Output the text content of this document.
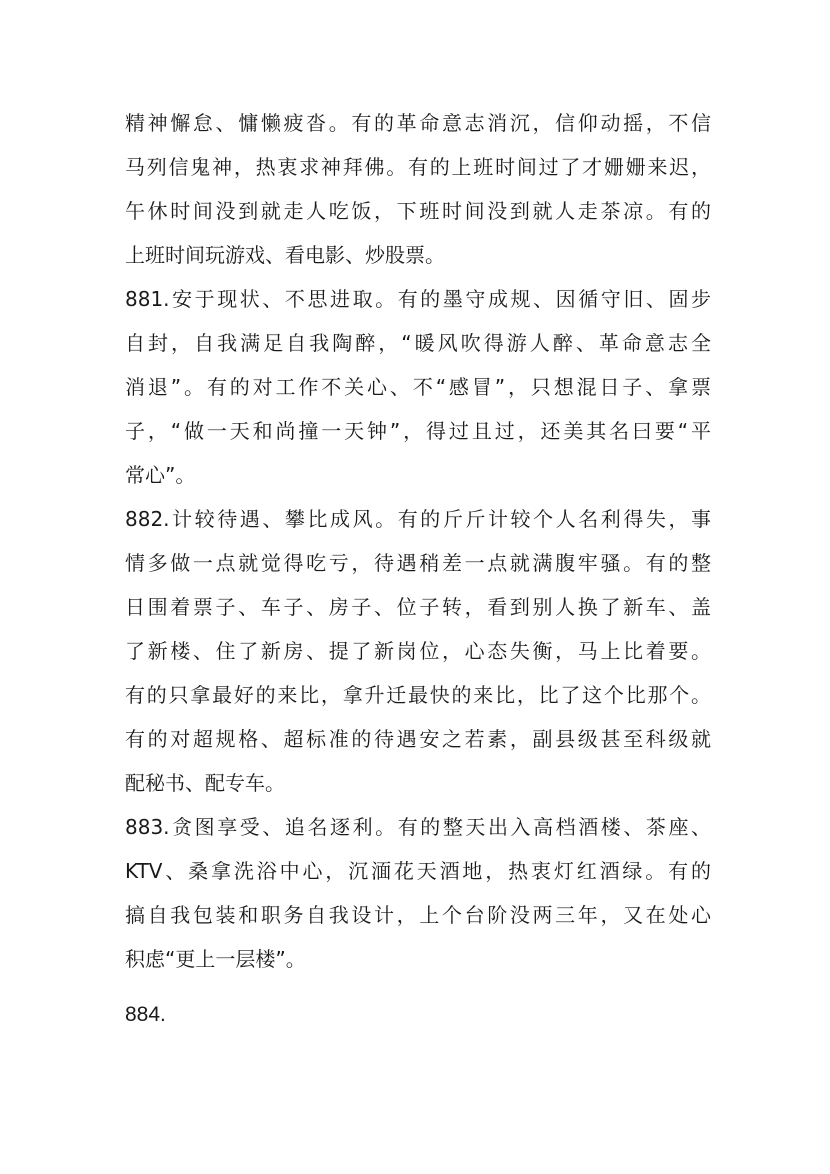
精神懈怠、慵懒疲沓。有的革命意志消沉，信仰动摇，不信
马列信鬼神，热衷求神拜佛。有的上班时间过了才姗姗来迟，
午休时间没到就走人吃饭，下班时间没到就人走茶凉。有的
上班时间玩游戏、看电影、炒股票。
881.安于现状、不思进取。有的墨守成规、因循守旧、固步
自封，自我满足自我陶醉，“暖风吹得游人醉、革命意志全
消退”。有的对工作不关心、不“感冒”，只想混日子、拿票
子，“做一天和尚撞一天钟”，得过且过，还美其名曰要“平
常心”。
882.计较待遇、攀比成风。有的斤斤计较个人名利得失，事
情多做一点就觉得吃亏，待遇稍差一点就满腹牢骚。有的整
日围着票子、车子、房子、位子转，看到别人换了新车、盖
了新楼、住了新房、提了新岗位，心态失衡，马上比着要。
有的只拿最好的来比，拿升迁最快的来比，比了这个比那个。
有的对超规格、超标准的待遇安之若素，副县级甚至科级就
配秘书、配专车。
883.贪图享受、追名逐利。有的整天出入高档酒楼、茶座、
KTV、桑拿洗浴中心，沉湎花天酒地，热衷灯红酒绿。有的
搞自我包装和职务自我设计，上个台阶没两三年，又在处心
积虑“更上一层楼”。
884.
